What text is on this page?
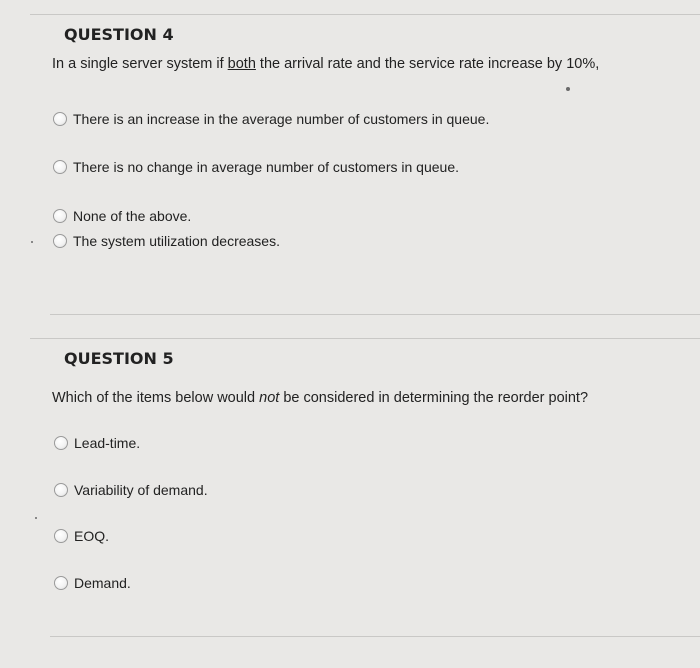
QUESTION 4
In a single server system if both the arrival rate and the service rate increase by 10%,
There is an increase in the average number of customers in queue.
There is no change in average number of customers in queue.
None of the above.
The system utilization decreases.
QUESTION 5
Which of the items below would not be considered in determining the reorder point?
Lead-time.
Variability of demand.
EOQ.
Demand.
